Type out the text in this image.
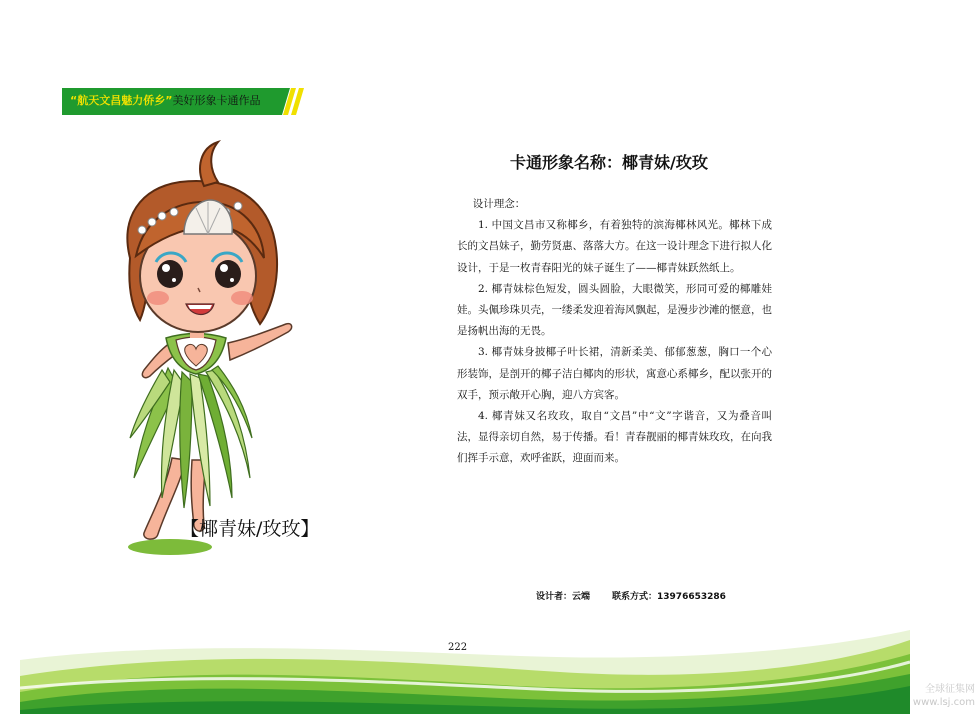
“航天文昌魅力侨乡”美好形象卡通作品
【椰青妹/玫玫】
卡通形象名称：椰青妹/玫玫

设计理念：

1. 中国文昌市又称椰乡，有着独特的滨海椰林风光。椰林下成长的文昌妹子，勤劳贤惠、落落大方。在这一设计理念下进行拟人化设计，于是一枚青春阳光的妹子诞生了——椰青妹跃然纸上。

2. 椰青妹棕色短发，圆头圆脸，大眼微笑，形同可爱的椰雕娃娃。头佩珍珠贝壳，一缕柔发迎着海风飘起，是漫步沙滩的惬意，也是扬帆出海的无畏。

3. 椰青妹身披椰子叶长裙，清新柔美、郁郁葱葱，胸口一个心形装饰，是剖开的椰子洁白椰肉的形状，寓意心系椰乡，配以张开的双手，预示敞开心胸，迎八方宾客。

4. 椰青妹又名玫玫，取自“文昌”中“文”字谐音，又为叠音叫法，显得亲切自然，易于传播。看！青春靓丽的椰青妹玫玫，在向我们挥手示意，欢呼雀跃，迎面而来。

设计者：云端 联系方式：13976653286
222
全球征集网
www.lsj.com
